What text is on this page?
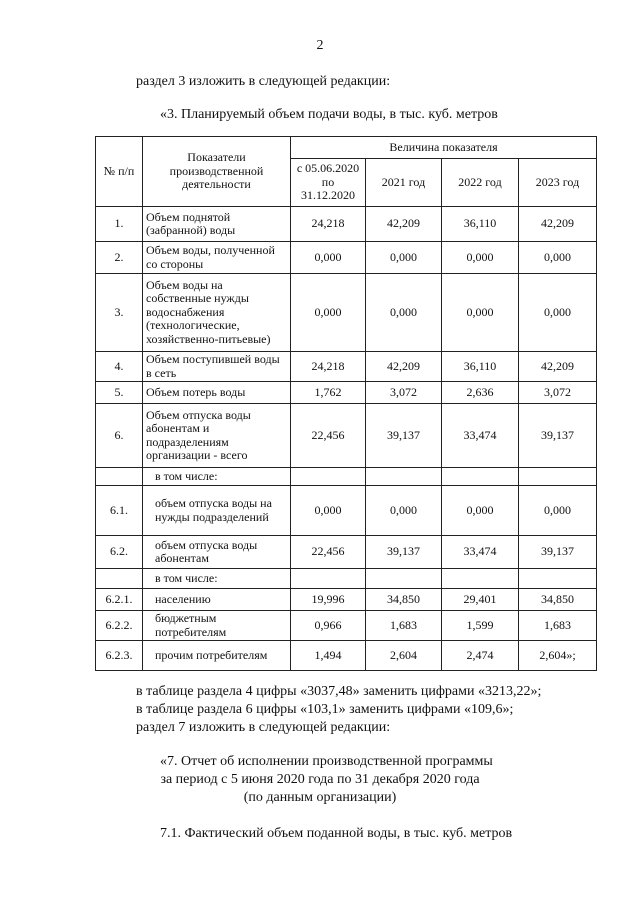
2
раздел 3 изложить в следующей редакции:
«3. Планируемый объем подачи воды, в тыс. куб. метров
№ п/п	Показатели производственной деятельности	Величина показателя			
		с 05.06.2020 по 31.12.2020	2021 год	2022 год	2023 год
1.	Объем поднятой (забранной) воды	24,218	42,209	36,110	42,209
2.	Объем воды, полученной со стороны	0,000	0,000	0,000	0,000
3.	Объем воды на собственные нужды водоснабжения (технологические, хозяйственно-питьевые)	0,000	0,000	0,000	0,000
4.	Объем поступившей воды в сеть	24,218	42,209	36,110	42,209
5.	Объем потерь воды	1,762	3,072	2,636	3,072
6.	Объем отпуска воды абонентам и подразделениям организации - всего	22,456	39,137	33,474	39,137
	в том числе:				
6.1.	объем отпуска воды на нужды подразделений	0,000	0,000	0,000	0,000
6.2.	объем отпуска воды абонентам	22,456	39,137	33,474	39,137
	в том числе:				
6.2.1.	населению	19,996	34,850	29,401	34,850
6.2.2.	бюджетным потребителям	0,966	1,683	1,599	1,683
6.2.3.	прочим потребителям	1,494	2,604	2,474	2,604»;
в таблице раздела 4 цифры «3037,48» заменить цифрами «3213,22»;
в таблице раздела 6 цифры «103,1» заменить цифрами «109,6»;
раздел 7 изложить в следующей редакции:
«7. Отчет об исполнении производственной программы
за период с 5 июня 2020 года по 31 декабря 2020 года
(по данным организации)
7.1. Фактический объем поданной воды, в тыс. куб. метров
